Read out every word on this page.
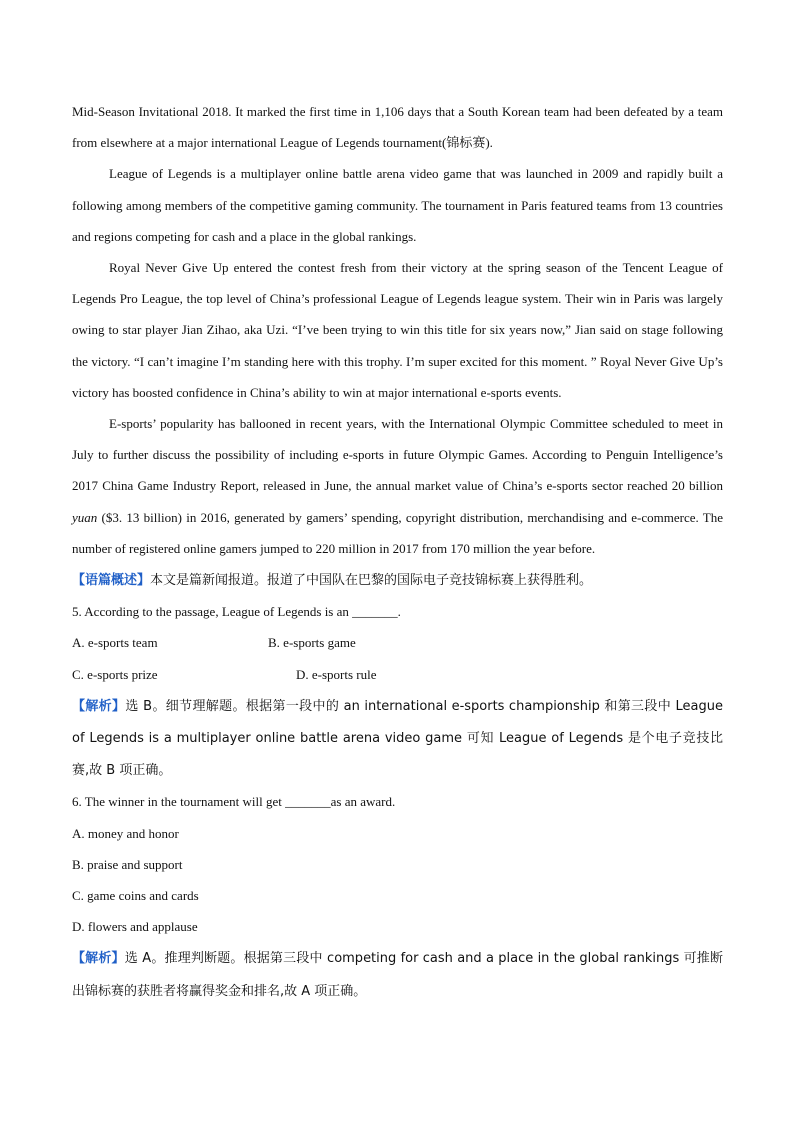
Mid-Season Invitational 2018. It marked the first time in 1,106 days that a South Korean team had been defeated by a team from elsewhere at a major international League of Legends tournament(锦标赛).

League of Legends is a multiplayer online battle arena video game that was launched in 2009 and rapidly built a following among members of the competitive gaming community. The tournament in Paris featured teams from 13 countries and regions competing for cash and a place in the global rankings.

Royal Never Give Up entered the contest fresh from their victory at the spring season of the Tencent League of Legends Pro League, the top level of China’s professional League of Legends league system. Their win in Paris was largely owing to star player Jian Zihao, aka Uzi. “I’ve been trying to win this title for six years now,” Jian said on stage following the victory. “I can’t imagine I’m standing here with this trophy. I’m super excited for this moment. ” Royal Never Give Up’s victory has boosted confidence in China’s ability to win at major international e-sports events.

E-sports’ popularity has ballooned in recent years, with the International Olympic Committee scheduled to meet in July to further discuss the possibility of including e-sports in future Olympic Games. According to Penguin Intelligence’s 2017 China Game Industry Report, released in June, the annual market value of China’s e-sports sector reached 20 billion yuan ($3. 13 billion) in 2016, generated by gamers’ spending, copyright distribution, merchandising and e-commerce. The number of registered online gamers jumped to 220 million in 2017 from 170 million the year before.

【语篇概述】本文是篇新闻报道。报道了中国队在巴黎的国际电子竞技锦标赛上获得胜利。

5. According to the passage, League of Legends is an _______.

A. e-sports team	B. e-sports game
C. e-sports prize	D. e-sports rule

【解析】选 B。细节理解题。根据第一段中的 an international e-sports championship 和第三段中 League of Legends is a multiplayer online battle arena video game 可知 League of Legends 是个电子竞技比赛,故 B 项正确。

6. The winner in the tournament will get _______as an award.

A. money and honor

B. praise and support

C. game coins and cards

D. flowers and applause

【解析】选 A。推理判断题。根据第三段中 competing for cash and a place in the global rankings 可推断出锦标赛的获胜者将赢得奖金和排名,故 A 项正确。
